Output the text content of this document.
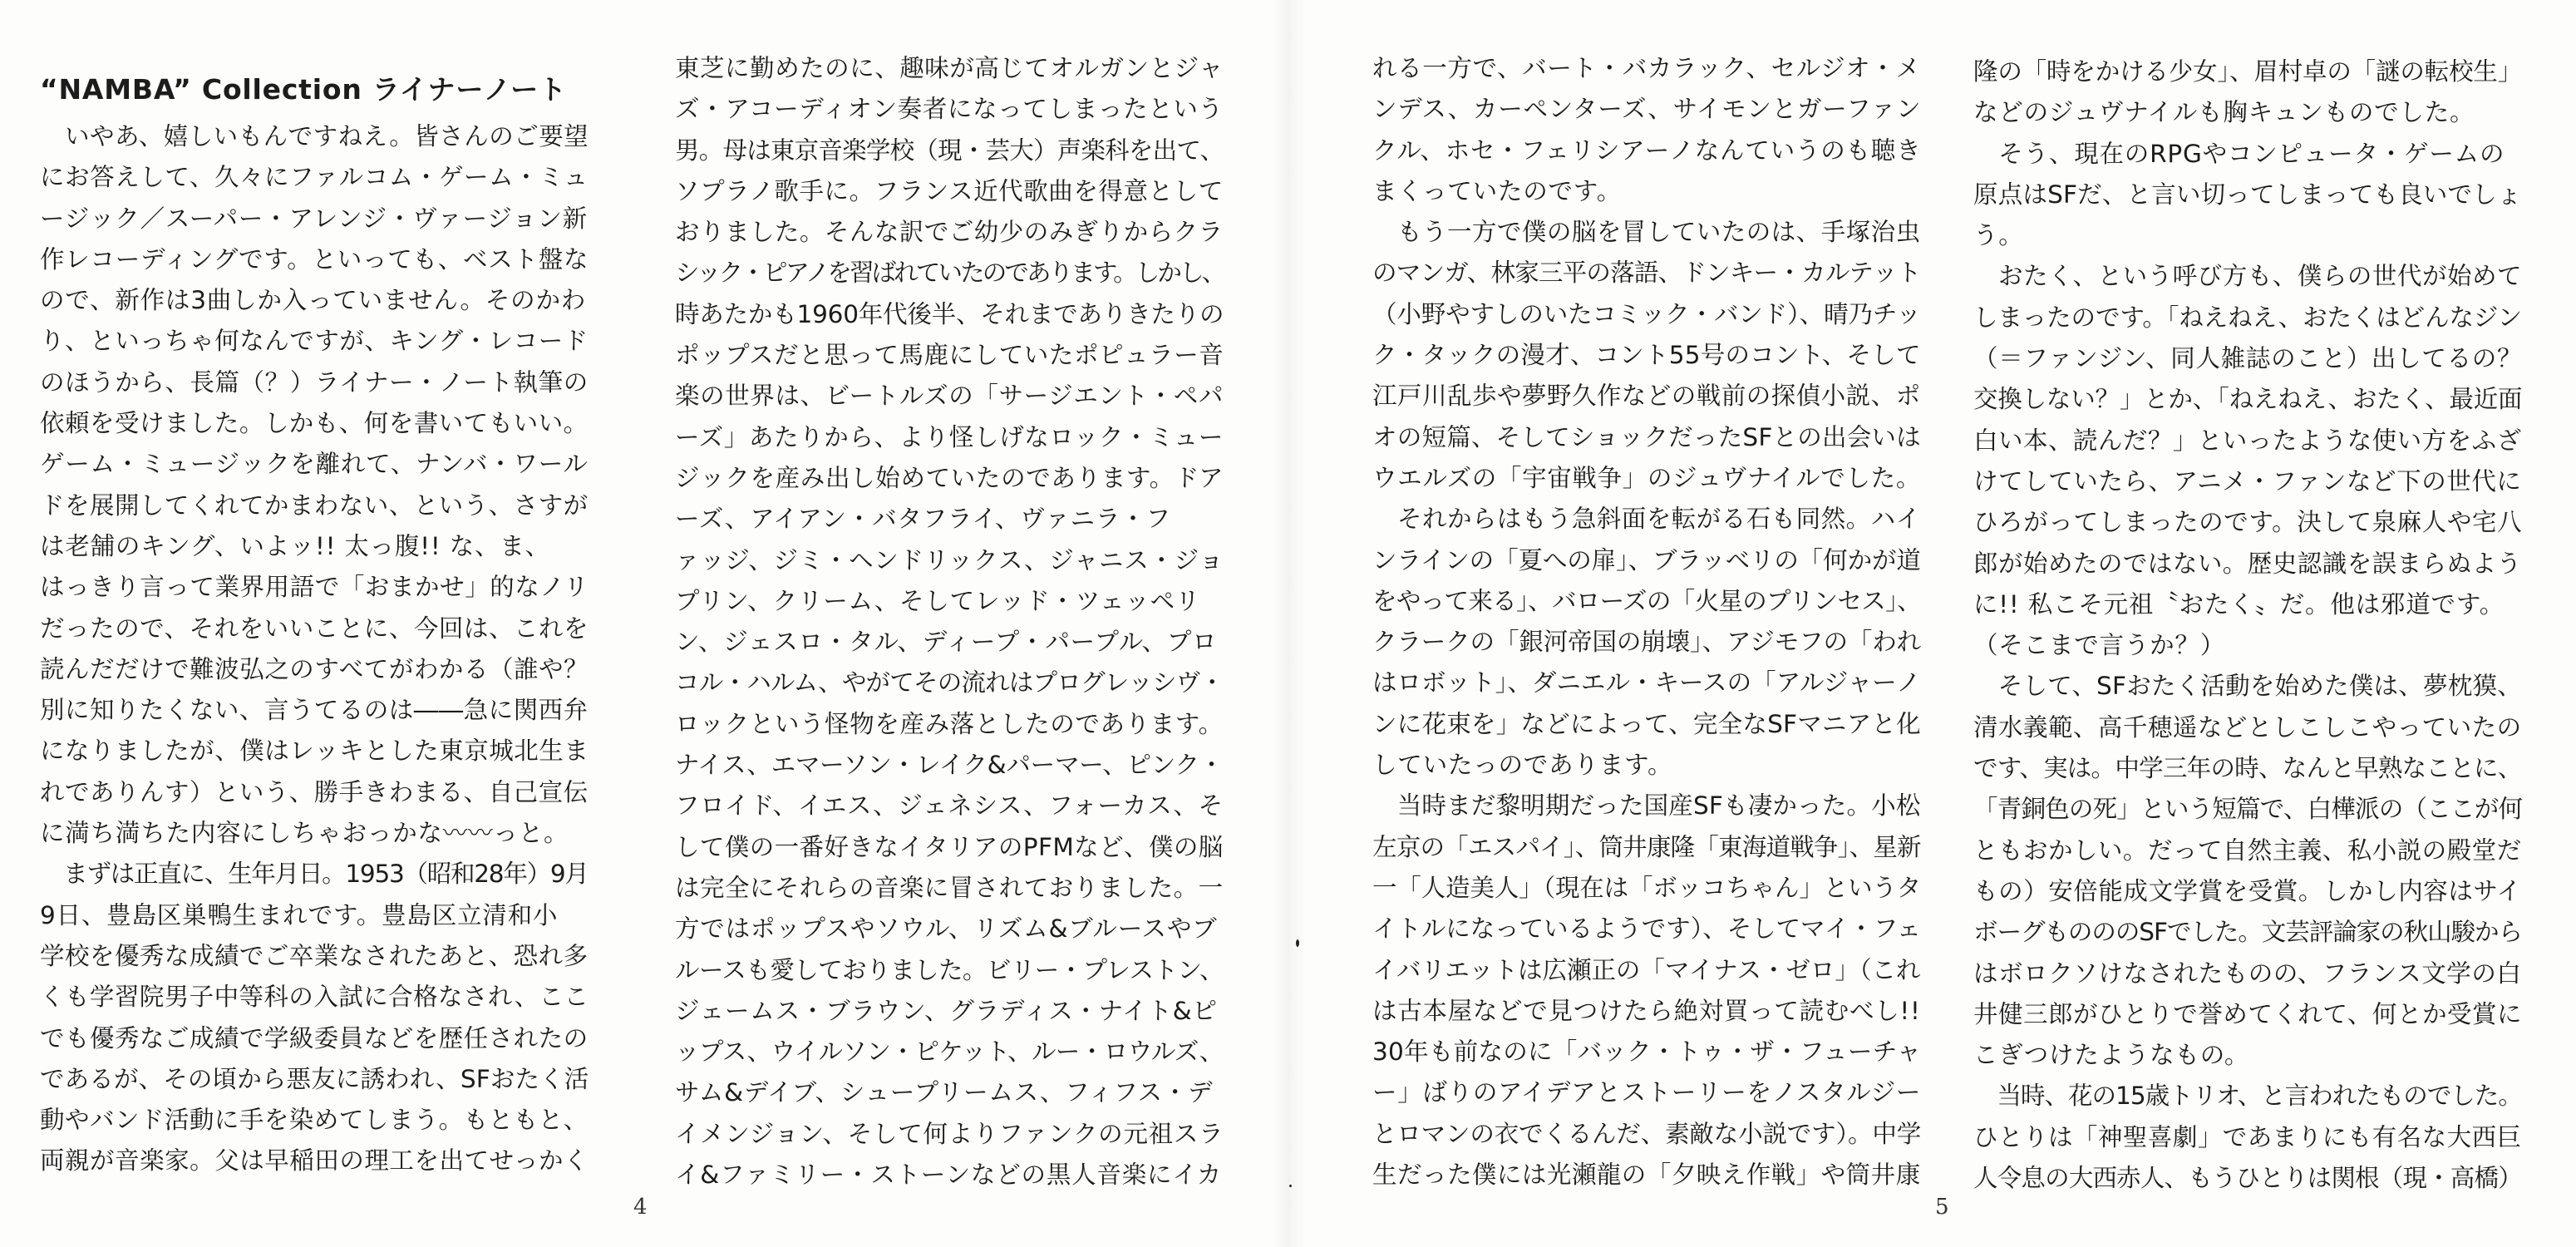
“NAMBA” Collection ライナーノート
　いやあ、嬉しいもんですねえ。皆さんのご要望
にお答えして、久々にファルコム・ゲーム・ミュ
ージック／スーパー・アレンジ・ヴァージョン新
作レコーディングです。といっても、ベスト盤な
ので、新作は3曲しか入っていません。そのかわ
り、といっちゃ何なんですが、キング・レコード
のほうから、長篇（？）ライナー・ノート執筆の
依頼を受けました。しかも、何を書いてもいい。
ゲーム・ミュージックを離れて、ナンバ・ワール
ドを展開してくれてかまわない、という、さすが
は老舗のキング、いよッ!! 太っ腹!! な、ま、
はっきり言って業界用語で「おまかせ」的なノリ
だったので、それをいいことに、今回は、これを
読んだだけで難波弘之のすべてがわかる（誰や？
別に知りたくない、言うてるのは――急に関西弁
になりましたが、僕はレッキとした東京城北生ま
れでありんす）という、勝手きわまる、自己宣伝
に満ち満ちた内容にしちゃおっかな〰〰っと。
　まずは正直に、生年月日。1953（昭和28年）9月
9日、豊島区巣鴨生まれです。豊島区立清和小
学校を優秀な成績でご卒業なされたあと、恐れ多
くも学習院男子中等科の入試に合格なされ、ここ
でも優秀なご成績で学級委員などを歴任されたの
であるが、その頃から悪友に誘われ、SFおたく活
動やバンド活動に手を染めてしまう。もともと、
両親が音楽家。父は早稲田の理工を出てせっかく
東芝に勤めたのに、趣味が高じてオルガンとジャ
ズ・アコーディオン奏者になってしまったという
男。母は東京音楽学校（現・芸大）声楽科を出て、
ソプラノ歌手に。フランス近代歌曲を得意として
おりました。そんな訳でご幼少のみぎりからクラ
シック・ピアノを習ばれていたのであります。しかし、
時あたかも1960年代後半、それまでありきたりの
ポップスだと思って馬鹿にしていたポピュラー音
楽の世界は、ビートルズの「サージエント・ペパ
ーズ」あたりから、より怪しげなロック・ミュー
ジックを産み出し始めていたのであります。ドア
ーズ、アイアン・バタフライ、ヴァニラ・フ
ァッジ、ジミ・ヘンドリックス、ジャニス・ジョ
プリン、クリーム、そしてレッド・ツェッペリ
ン、ジェスロ・タル、ディープ・パープル、プロ
コル・ハルム、やがてその流れはプログレッシヴ・
ロックという怪物を産み落としたのであります。
ナイス、エマーソン・レイク&パーマー、ピンク・
フロイド、イエス、ジェネシス、フォーカス、そ
して僕の一番好きなイタリアのPFMなど、僕の脳
は完全にそれらの音楽に冒されておりました。一
方ではポップスやソウル、リズム&ブルースやブ
ルースも愛しておりました。ビリー・プレストン、
ジェームス・ブラウン、グラディス・ナイト&ピ
ップス、ウイルソン・ピケット、ルー・ロウルズ、
サム&デイブ、シュープリームス、フィフス・デ
イメンジョン、そして何よりファンクの元祖スラ
イ&ファミリー・ストーンなどの黒人音楽にイカ
4
れる一方で、バート・バカラック、セルジオ・メ
ンデス、カーペンターズ、サイモンとガーファン
クル、ホセ・フェリシアーノなんていうのも聴き
まくっていたのです。
　もう一方で僕の脳を冒していたのは、手塚治虫
のマンガ、林家三平の落語、ドンキー・カルテット
（小野やすしのいたコミック・バンド）、晴乃チッ
ク・タックの漫才、コント55号のコント、そして
江戸川乱歩や夢野久作などの戦前の探偵小説、ポ
オの短篇、そしてショックだったSFとの出会いは
ウエルズの「宇宙戦争」のジュヴナイルでした。
　それからはもう急斜面を転がる石も同然。ハイ
ンラインの「夏への扉」、ブラッベリの「何かが道
をやって来る」、バローズの「火星のプリンセス」、
クラークの「銀河帝国の崩壊」、アジモフの「われ
はロボット」、ダニエル・キースの「アルジャーノ
ンに花束を」などによって、完全なSFマニアと化
していたっのであります。
　当時まだ黎明期だった国産SFも凄かった。小松
左京の「エスパイ」、筒井康隆「東海道戦争」、星新
一「人造美人」（現在は「ボッコちゃん」というタ
イトルになっているようです）、そしてマイ・フェ
イバリエットは広瀬正の「マイナス・ゼロ」（これ
は古本屋などで見つけたら絶対買って読むべし!!
30年も前なのに「バック・トゥ・ザ・フューチャ
ー」ばりのアイデアとストーリーをノスタルジー
とロマンの衣でくるんだ、素敵な小説です）。中学
生だった僕には光瀬龍の「夕映え作戦」や筒井康
隆の「時をかける少女」、眉村卓の「謎の転校生」
などのジュヴナイルも胸キュンものでした。
　そう、現在のRPGやコンピュータ・ゲームの
原点はSFだ、と言い切ってしまっても良いでしょ
う。
　おたく、という呼び方も、僕らの世代が始めて
しまったのです。「ねえねえ、おたくはどんなジン
（＝ファンジン、同人雑誌のこと）出してるの？
交換しない？」とか、「ねえねえ、おたく、最近面
白い本、読んだ？」といったような使い方をふざ
けてしていたら、アニメ・ファンなど下の世代に
ひろがってしまったのです。決して泉麻人や宅八
郎が始めたのではない。歴史認識を誤まらぬよう
に!! 私こそ元祖〝おたく〟だ。他は邪道です。
（そこまで言うか？）
　そして、SFおたく活動を始めた僕は、夢枕獏、
清水義範、高千穂遥などとしこしこやっていたの
です、実は。中学三年の時、なんと早熟なことに、
「青銅色の死」という短篇で、白樺派の（ここが何
ともおかしい。だって自然主義、私小説の殿堂だ
もの）安倍能成文学賞を受賞。しかし内容はサイ
ボーグものののSFでした。文芸評論家の秋山駿から
はボロクソけなされたものの、フランス文学の白
井健三郎がひとりで誉めてくれて、何とか受賞に
こぎつけたようなもの。
　当時、花の15歳トリオ、と言われたものでした。
ひとりは「神聖喜劇」であまりにも有名な大西巨
人令息の大西赤人、もうひとりは関根（現・高橋）
5
